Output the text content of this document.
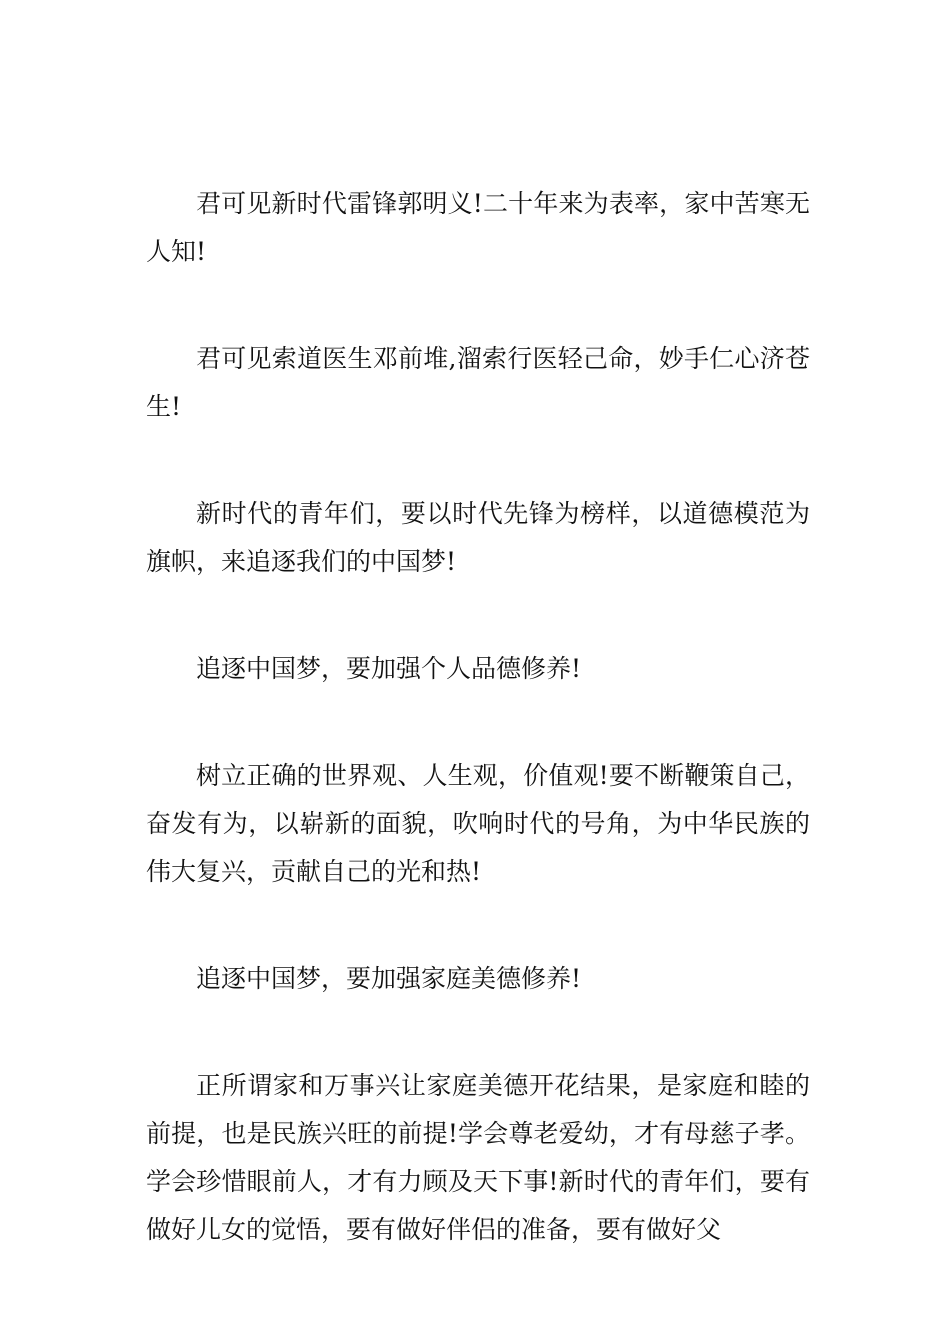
君可见新时代雷锋郭明义!二十年来为表率，家中苦寒无人知!

君可见索道医生邓前堆,溜索行医轻己命，妙手仁心济苍生!

新时代的青年们，要以时代先锋为榜样，以道德模范为旗帜，来追逐我们的中国梦!

追逐中国梦，要加强个人品德修养!

树立正确的世界观、人生观，价值观!要不断鞭策自己，奋发有为，以崭新的面貌，吹响时代的号角，为中华民族的伟大复兴，贡献自己的光和热!

追逐中国梦，要加强家庭美德修养!

正所谓家和万事兴让家庭美德开花结果，是家庭和睦的前提，也是民族兴旺的前提!学会尊老爱幼，才有母慈子孝。学会珍惜眼前人，才有力顾及天下事!新时代的青年们，要有做好儿女的觉悟，要有做好伴侣的准备，要有做好父
